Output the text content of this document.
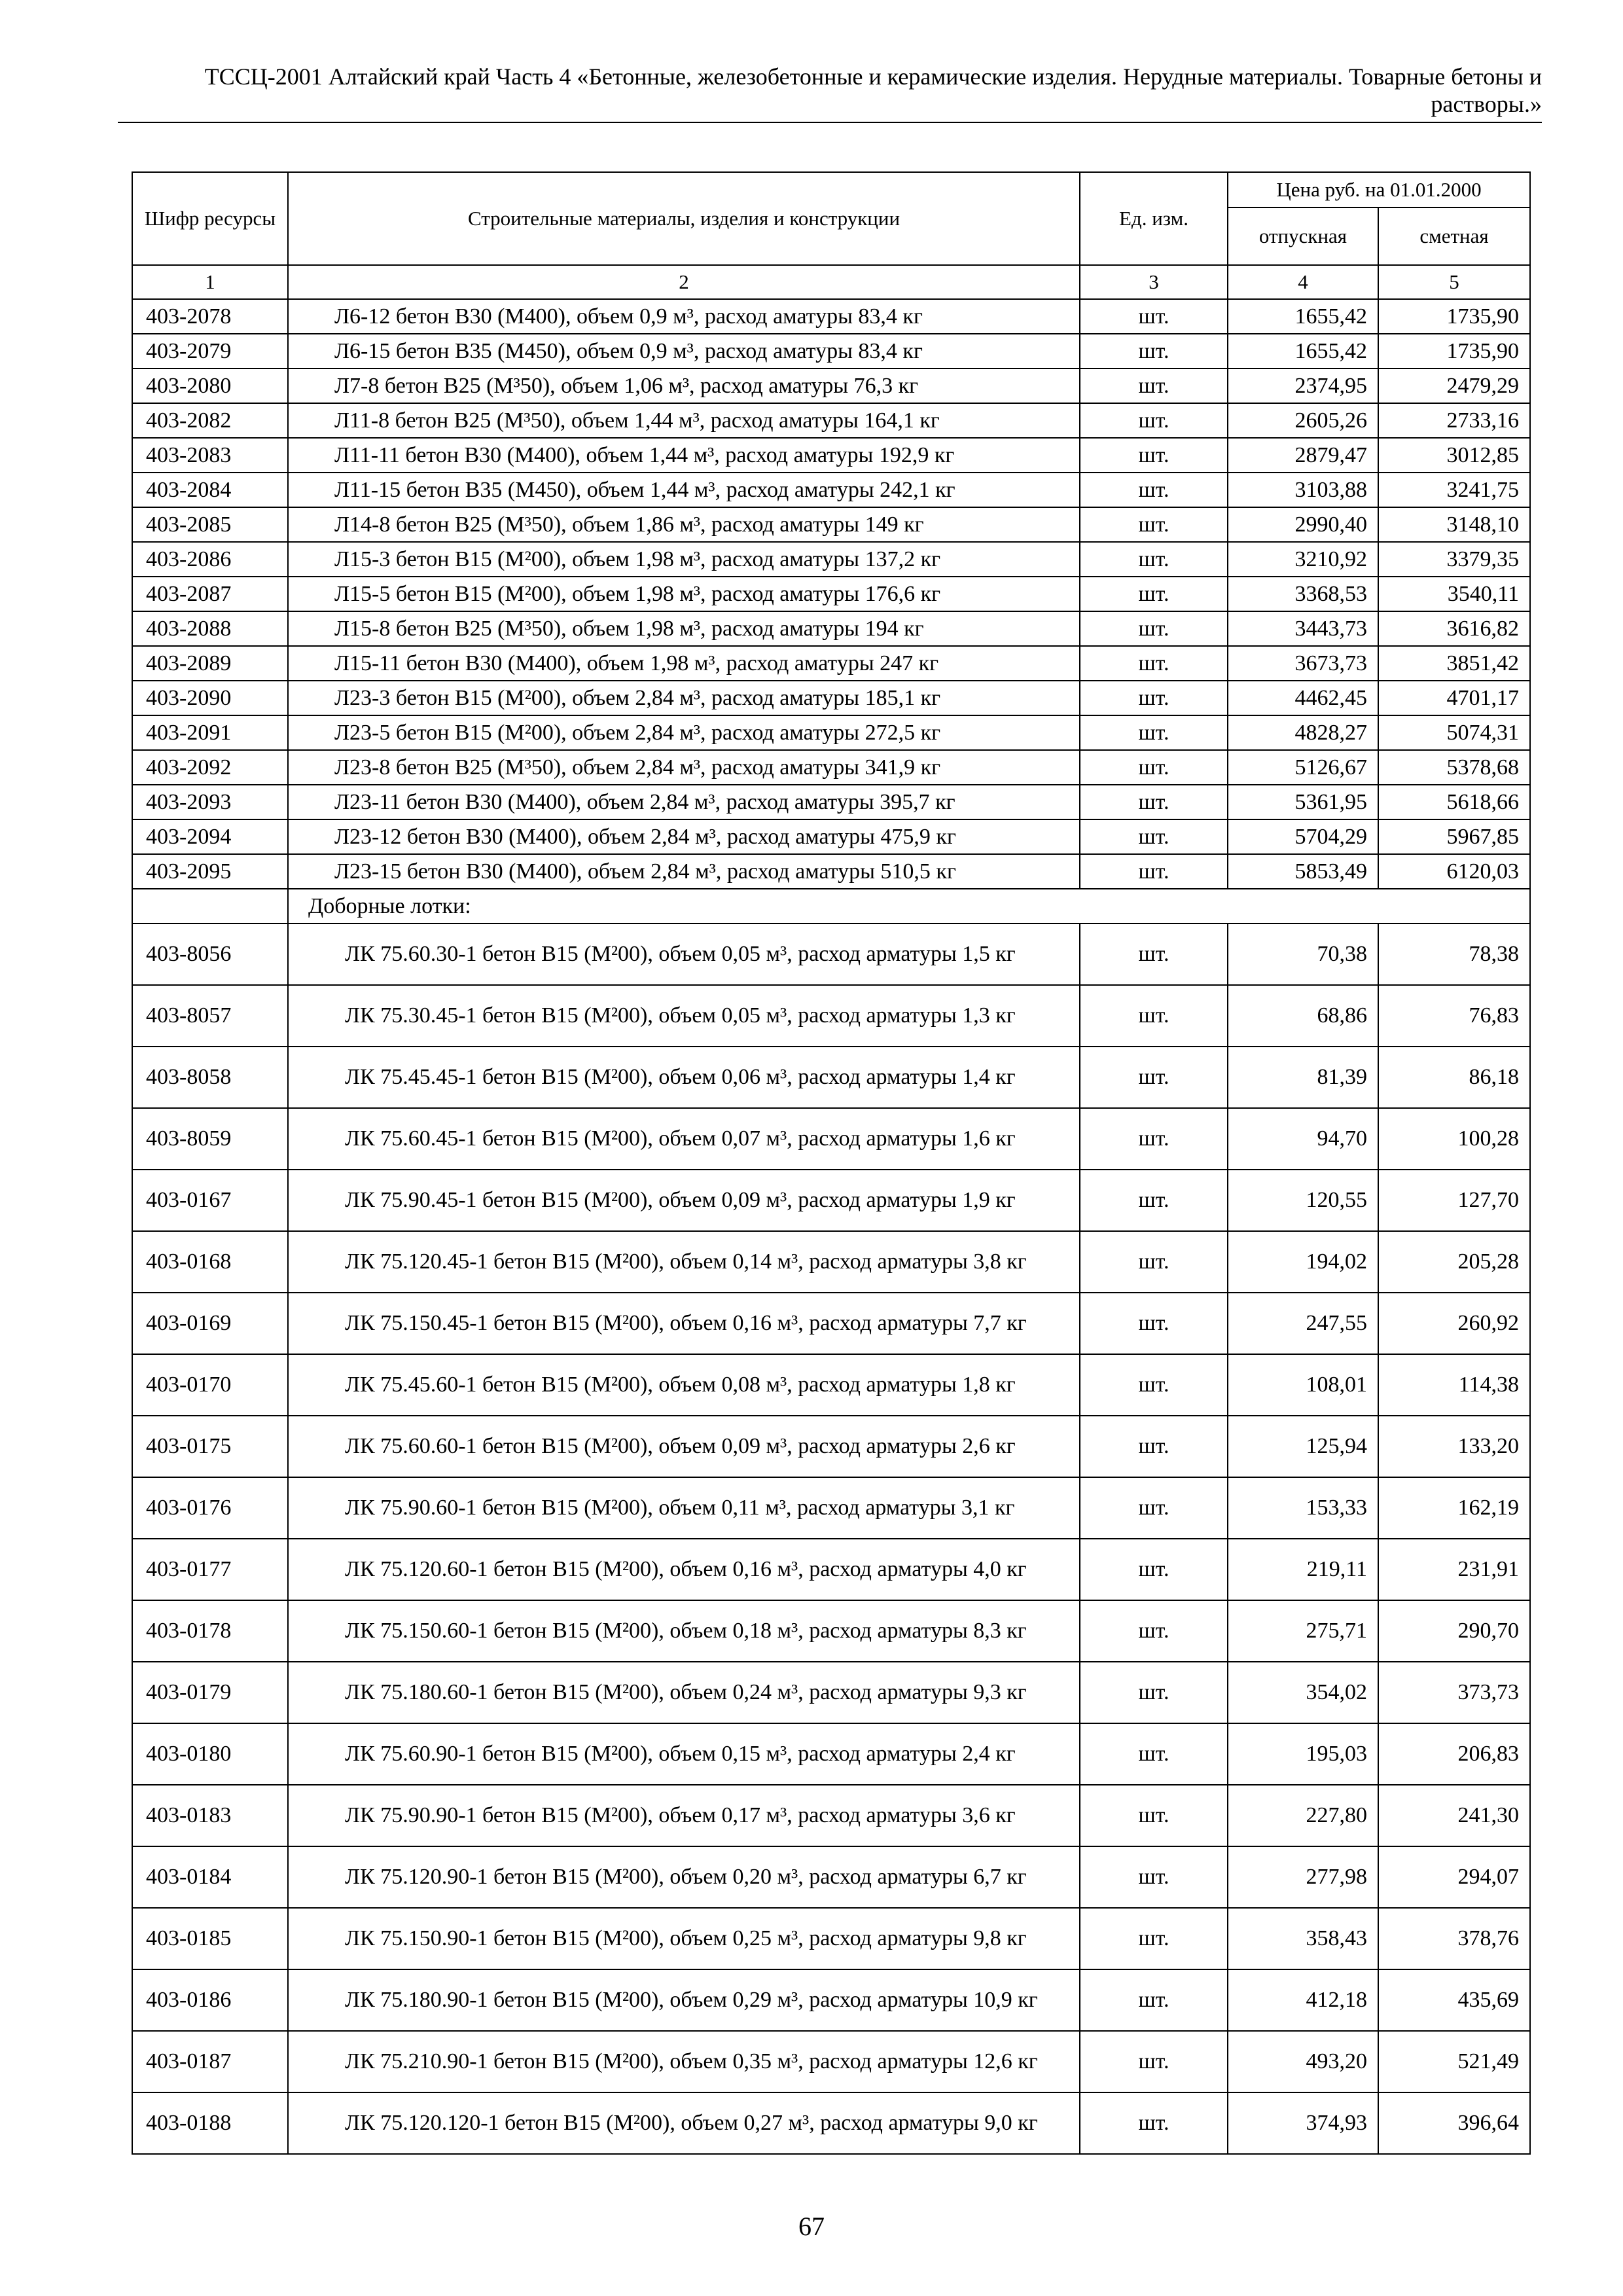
ТССЦ-2001 Алтайский край Часть 4 «Бетонные, железобетонные и керамические изделия. Нерудные материалы. Товарные бетоны и растворы.»
Шифр ресурсы	Строительные материалы, изделия и конструкции	Ед. изм.	Цена руб. на 01.01.2000	
			отпускная	сметная
1	2	3	4	5
403-2078	Л6-12 бетон В30 (М400), объем 0,9 м³, расход аматуры 83,4 кг	шт.	1655,42	1735,90
403-2079	Л6-15 бетон В35 (М450), объем 0,9 м³, расход аматуры 83,4 кг	шт.	1655,42	1735,90
403-2080	Л7-8 бетон В25 (М³50), объем 1,06 м³, расход аматуры 76,3 кг	шт.	2374,95	2479,29
403-2082	Л11-8 бетон В25 (М³50), объем 1,44 м³, расход аматуры 164,1 кг	шт.	2605,26	2733,16
403-2083	Л11-11 бетон В30 (М400), объем 1,44 м³, расход аматуры 192,9 кг	шт.	2879,47	3012,85
403-2084	Л11-15 бетон В35 (М450), объем 1,44 м³, расход аматуры 242,1 кг	шт.	3103,88	3241,75
403-2085	Л14-8 бетон В25 (М³50), объем 1,86 м³, расход аматуры 149 кг	шт.	2990,40	3148,10
403-2086	Л15-3 бетон В15 (М²00), объем 1,98 м³, расход аматуры 137,2 кг	шт.	3210,92	3379,35
403-2087	Л15-5 бетон В15 (М²00), объем 1,98 м³, расход аматуры 176,6 кг	шт.	3368,53	3540,11
403-2088	Л15-8 бетон В25 (М³50), объем 1,98 м³, расход аматуры 194 кг	шт.	3443,73	3616,82
403-2089	Л15-11 бетон В30 (М400), объем 1,98 м³, расход аматуры 247 кг	шт.	3673,73	3851,42
403-2090	Л23-3 бетон В15 (М²00), объем 2,84 м³, расход аматуры 185,1 кг	шт.	4462,45	4701,17
403-2091	Л23-5 бетон В15 (М²00), объем 2,84 м³, расход аматуры 272,5 кг	шт.	4828,27	5074,31
403-2092	Л23-8 бетон В25 (М³50), объем 2,84 м³, расход аматуры 341,9 кг	шт.	5126,67	5378,68
403-2093	Л23-11 бетон В30 (М400), объем 2,84 м³, расход аматуры 395,7 кг	шт.	5361,95	5618,66
403-2094	Л23-12 бетон В30 (М400), объем 2,84 м³, расход аматуры 475,9 кг	шт.	5704,29	5967,85
403-2095	Л23-15 бетон В30 (М400), объем 2,84 м³, расход аматуры 510,5 кг	шт.	5853,49	6120,03
	Доборные лотки:			
403-8056	ЛК 75.60.30-1 бетон В15 (М²00), объем 0,05 м³, расход арматуры 1,5 кг	шт.	70,38	78,38
403-8057	ЛК 75.30.45-1 бетон В15 (М²00), объем 0,05 м³, расход арматуры 1,3 кг	шт.	68,86	76,83
403-8058	ЛК 75.45.45-1 бетон В15 (М²00), объем 0,06 м³, расход арматуры 1,4 кг	шт.	81,39	86,18
403-8059	ЛК 75.60.45-1 бетон В15 (М²00), объем 0,07 м³, расход арматуры 1,6 кг	шт.	94,70	100,28
403-0167	ЛК 75.90.45-1 бетон В15 (М²00), объем 0,09 м³, расход арматуры 1,9 кг	шт.	120,55	127,70
403-0168	ЛК 75.120.45-1 бетон В15 (М²00), объем 0,14 м³, расход арматуры 3,8 кг	шт.	194,02	205,28
403-0169	ЛК 75.150.45-1 бетон В15 (М²00), объем 0,16 м³, расход арматуры 7,7 кг	шт.	247,55	260,92
403-0170	ЛК 75.45.60-1 бетон В15 (М²00), объем 0,08 м³, расход арматуры 1,8 кг	шт.	108,01	114,38
403-0175	ЛК 75.60.60-1 бетон В15 (М²00), объем 0,09 м³, расход арматуры 2,6 кг	шт.	125,94	133,20
403-0176	ЛК 75.90.60-1 бетон В15 (М²00), объем 0,11 м³, расход арматуры 3,1 кг	шт.	153,33	162,19
403-0177	ЛК 75.120.60-1 бетон В15 (М²00), объем 0,16 м³, расход арматуры 4,0 кг	шт.	219,11	231,91
403-0178	ЛК 75.150.60-1 бетон В15 (М²00), объем 0,18 м³, расход арматуры 8,3 кг	шт.	275,71	290,70
403-0179	ЛК 75.180.60-1 бетон В15 (М²00), объем 0,24 м³, расход арматуры 9,3 кг	шт.	354,02	373,73
403-0180	ЛК 75.60.90-1 бетон В15 (М²00), объем 0,15 м³, расход арматуры 2,4 кг	шт.	195,03	206,83
403-0183	ЛК 75.90.90-1 бетон В15 (М²00), объем 0,17 м³, расход арматуры 3,6 кг	шт.	227,80	241,30
403-0184	ЛК 75.120.90-1 бетон В15 (М²00), объем 0,20 м³, расход арматуры 6,7 кг	шт.	277,98	294,07
403-0185	ЛК 75.150.90-1 бетон В15 (М²00), объем 0,25 м³, расход арматуры 9,8 кг	шт.	358,43	378,76
403-0186	ЛК 75.180.90-1 бетон В15 (М²00), объем 0,29 м³, расход арматуры 10,9 кг	шт.	412,18	435,69
403-0187	ЛК 75.210.90-1 бетон В15 (М²00), объем 0,35 м³, расход арматуры 12,6 кг	шт.	493,20	521,49
403-0188	ЛК 75.120.120-1 бетон В15 (М²00), объем 0,27 м³, расход арматуры 9,0 кг	шт.	374,93	396,64
67
